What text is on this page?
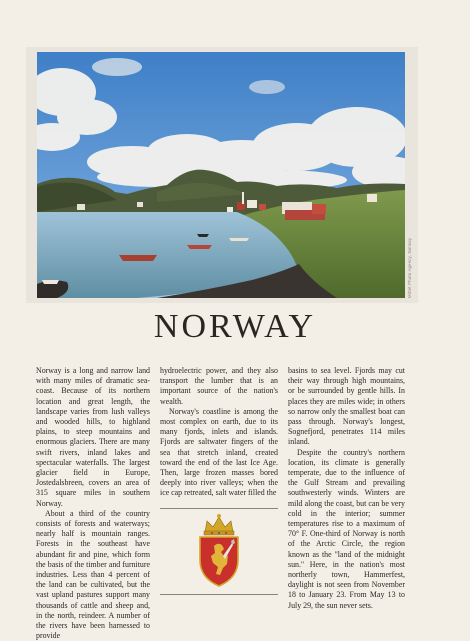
Mittet Photo Agency, Norway
NORWAY

Norway is a long and narrow land with many miles of dramatic sea-coast. Because of its northern location and great length, the landscape varies from lush valleys and wooded hills, to highland plains, to steep mountains and enormous glaciers. There are many swift rivers, inland lakes and spectacular waterfalls. The largest glacier field in Europe, Jostedalsbreen, covers an area of 315 square miles in southern Norway.

About a third of the country consists of forests and waterways; nearly half is mountain ranges. Forests in the southeast have abundant fir and pine, which form the basis of the timber and furniture industries. Less than 4 percent of the land can be cultivated, but the vast upland pastures support many thousands of cattle and sheep and, in the north, reindeer. A number of the rivers have been harnessed to provide

hydroelectric power, and they also transport the lumber that is an important source of the nation's wealth.

Norway's coastline is among the most complex on earth, due to its many fjords, inlets and islands. Fjords are saltwater fingers of the sea that stretch inland, created toward the end of the last Ice Age. Then, large frozen masses bored deeply into river valleys; when the ice cap retreated, salt water filled the

basins to sea level. Fjords may cut their way through high mountains, or be surrounded by gentle hills. In places they are miles wide; in others so narrow only the smallest boat can pass through. Norway's longest, Sognefjord, penetrates 114 miles inland.

Despite the country's northern location, its climate is generally temperate, due to the influence of the Gulf Stream and prevailing southwesterly winds. Winters are mild along the coast, but can be very cold in the interior; summer temperatures rise to a maximum of 70° F. One-third of Norway is north of the Arctic Circle, the region known as the "land of the midnight sun." Here, in the nation's most northerly town, Hammerfest, daylight is not seen from November 18 to January 23. From May 13 to July 29, the sun never sets.
